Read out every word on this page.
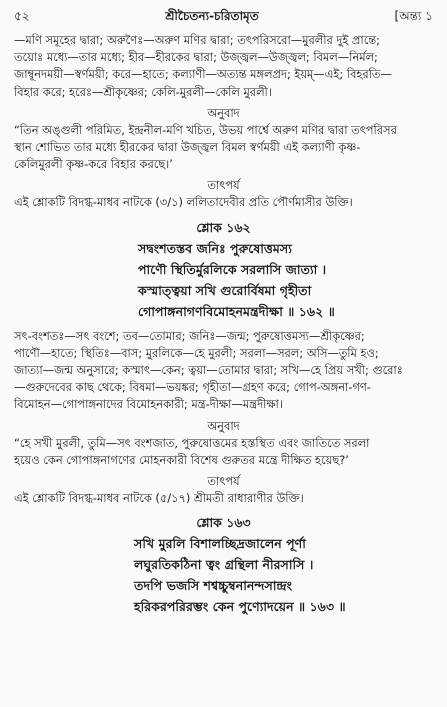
৫২	শ্রীচৈতন্য-চরিতামৃত	[অন্ত্য ১

—মণি সমূহের দ্বারা; অরুণৈঃ—অরুণ মণির দ্বারা; তৎপরিসরো—মুরলীর দুই প্রান্তে;

তয়োঃ মধ্যে—তার মধ্যে; হীর—হীরকের দ্বারা; উজ্জ্বল—উজ্জ্বল; বিমল—নির্মল;

জাম্বূনদময়ী—স্বর্ণময়ী; করে—হাতে; কল্যাণী—অত্যন্ত মঙ্গলপ্রদ; ইয়ম্—এই; বিহরতি—

বিহার করে; হরেঃ—শ্রীকৃষ্ণের; কেলি-মুরলী—কেলি মুরলী।

অনুবাদ

“তিন অঙ্গুলী পরিমিত, ইন্দ্রনীল-মণি খচিত, উভয় পার্শ্বে অরুণ মণির দ্বারা তৎপরিসর

স্থান শোভিত তার মধ্যে হীরকের দ্বারা উজ্জ্বল বিমল স্বর্ণময়ী এই কল্যাণী কৃষ্ণ-

কেলিমুরলী কৃষ্ণ-করে বিহার করছে।’

তাৎপর্য

এই শ্লোকটি বিদগ্ধ-মাধব নাটকে (৩/১) ললিতাদেবীর প্রতি পৌর্ণমাসীর উক্তি।

শ্লোক ১৬২
সদ্বংশতস্তব জনিঃ পুরুষোত্তমস্য
পাণৌ স্থিতির্মুরলিকে সরলাসি জাত্যা ।
কস্মাত্ত্বয়া সখি গুরোর্বিষমা গৃহীতা
গোপাঙ্গনাগণবিমোহনমন্ত্রদীক্ষা ॥ ১৬২ ॥

সৎ-বংশতঃ—সৎ বংশে; তব—তোমার; জনিঃ—জন্ম; পুরুষোত্তমস্য—শ্রীকৃষ্ণের;

পাণৌ—হাতে; স্থিতিঃ—বাস; মুরলিকে—হে মুরলী; সরলা—সরল; অসি—তুমি হও;

জাত্যা—জন্ম অনুসারে; কস্মাৎ—কেন; ত্বয়া—তোমার দ্বারা; সখি—হে প্রিয় সখী; গুরোঃ

—গুরুদেবের কাছ থেকে; বিষমা—ভয়ঙ্কর; গৃহীতা—গ্রহণ করে; গোপ-অঙ্গনা-গণ-

বিমোহন—গোপাঙ্গনাদের বিমোহনকারী; মন্ত্র-দীক্ষা—মন্ত্রদীক্ষা।

অনুবাদ

“হে সখী মুরলী, তুমি—সৎ বংশজাত, পুরুষোত্তমের হস্তস্থিত এবং জাতিতে সরলা

হয়েও কেন গোপাঙ্গনাগণের মোহনকারী বিশেষ গুরুতর মন্ত্রে দীক্ষিত হয়েছ?’

তাৎপর্য

এই শ্লোকটি বিদগ্ধ-মাধব নাটকে (৫/১৭) শ্রীমতী রাধারাণীর উক্তি।

শ্লোক ১৬৩
সখি মুরলি বিশালচ্ছিদ্রজালেন পূর্ণা
লঘুরতিকঠিনা ত্বং গ্রন্থিলা নীরসাসি ।
তদপি ভজসি শশ্বচ্চুম্বনানন্দসান্দ্রং
হরিকরপরিরম্ভং কেন পুণ্যোদয়েন ॥ ১৬৩ ॥
